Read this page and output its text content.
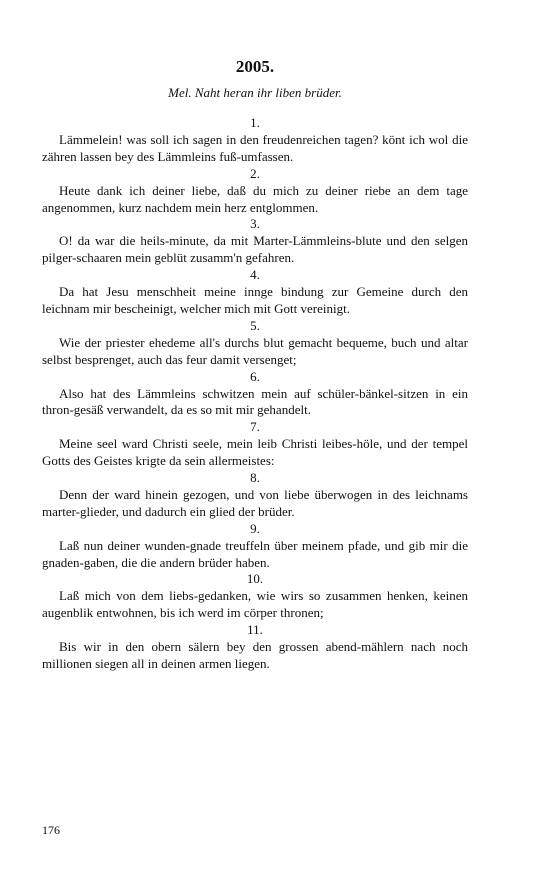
2005.

Mel. Naht heran ihr liben brüder.

1.

Lämmelein! was soll ich sagen in den freudenreichen tagen? könt ich wol die zähren lassen bey des Lämmleins fuß-umfassen.

2.

Heute dank ich deiner liebe, daß du mich zu deiner riebe an dem tage angenommen, kurz nachdem mein herz entglommen.

3.

O! da war die heils-minute, da mit Marter-Lämmleins-blute und den selgen pilger-schaaren mein geblüt zusamm'n gefahren.

4.

Da hat Jesu menschheit meine innge bindung zur Gemeine durch den leichnam mir bescheinigt, welcher mich mit Gott vereinigt.

5.

Wie der priester ehedeme all's durchs blut gemacht bequeme, buch und altar selbst besprenget, auch das feur damit versenget;

6.

Also hat des Lämmleins schwitzen mein auf schüler-bänkel-sitzen in ein thron-gesäß verwandelt, da es so mit mir gehandelt.

7.

Meine seel ward Christi seele, mein leib Christi leibes-höle, und der tempel Gotts des Geistes krigte da sein allermeistes:

8.

Denn der ward hinein gezogen, und von liebe überwogen in des leichnams marter-glieder, und dadurch ein glied der brüder.

9.

Laß nun deiner wunden-gnade treuffeln über meinem pfade, und gib mir die gnaden-gaben, die die andern brüder haben.

10.

Laß mich von dem liebs-gedanken, wie wirs so zusammen henken, keinen augenblik entwohnen, bis ich werd im cörper thronen;

11.

Bis wir in den obern sälern bey den grossen abend-mählern nach noch millionen siegen all in deinen armen liegen.

176
